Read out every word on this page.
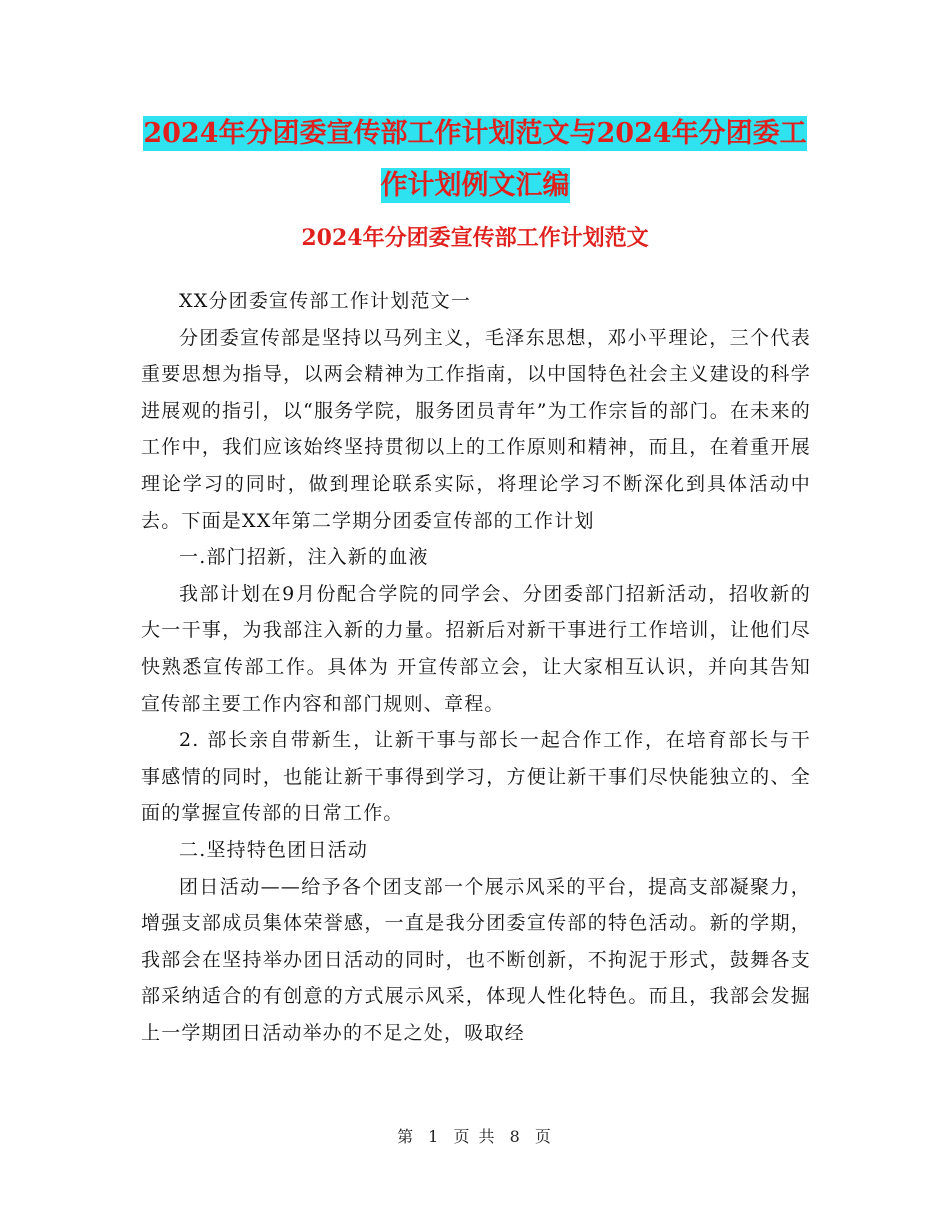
2024年分团委宣传部工作计划范文与2024年分团委工
作计划例文汇编
2024年分团委宣传部工作计划范文

XX分团委宣传部工作计划范文一

分团委宣传部是坚持以马列主义，毛泽东思想，邓小平理论，三个代表重要思想为指导，以两会精神为工作指南，以中国特色社会主义建设的科学进展观的指引，以“服务学院，服务团员青年”为工作宗旨的部门。在未来的工作中，我们应该始终坚持贯彻以上的工作原则和精神，而且，在着重开展理论学习的同时，做到理论联系实际，将理论学习不断深化到具体活动中去。下面是XX年第二学期分团委宣传部的工作计划

一.部门招新，注入新的血液

我部计划在9月份配合学院的同学会、分团委部门招新活动，招收新的大一干事，为我部注入新的力量。招新后对新干事进行工作培训，让他们尽快熟悉宣传部工作。具体为 开宣传部立会，让大家相互认识，并向其告知宣传部主要工作内容和部门规则、章程。

2. 部长亲自带新生，让新干事与部长一起合作工作，在培育部长与干事感情的同时，也能让新干事得到学习，方便让新干事们尽快能独立的、全面的掌握宣传部的日常工作。

二.坚持特色团日活动

团日活动——给予各个团支部一个展示风采的平台，提高支部凝聚力，增强支部成员集体荣誉感，一直是我分团委宣传部的特色活动。新的学期，我部会在坚持举办团日活动的同时，也不断创新，不拘泥于形式，鼓舞各支部采纳适合的有创意的方式展示风采，体现人性化特色。而且，我部会发掘上一学期团日活动举办的不足之处，吸取经

第 1 页 共 8 页
